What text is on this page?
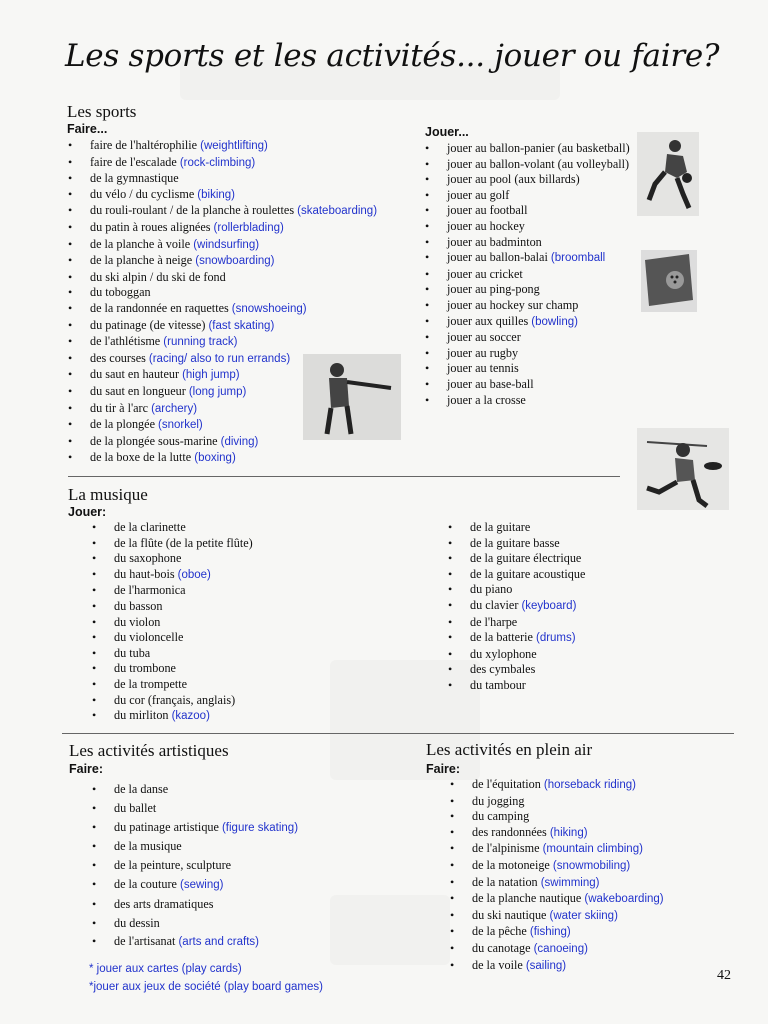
Les sports et les activités... jouer ou faire?
Les sports
Faire...
• faire de l'haltérophilie (weightlifting)
• faire de l'escalade (rock-climbing)
• de la gymnastique
• du vélo / du cyclisme (biking)
• du rouli-roulant / de la planche à roulettes (skateboarding)
• du patin à roues alignées (rollerblading)
• de la planche à voile (windsurfing)
• de la planche à neige (snowboarding)
• du ski alpin / du ski de fond
• du toboggan
• de la randonnée en raquettes (snowshoeing)
• du patinage (de vitesse) (fast skating)
• de l'athlétisme (running track)
• des courses (racing/ also to run errands)
• du saut en hauteur (high jump)
• du saut en longueur (long jump)
• du tir à l'arc (archery)
• de la plongée (snorkel)
• de la plongée sous-marine (diving)
• de la boxe de la lutte (boxing)
Jouer...
• jouer au ballon-panier (au basketball)
• jouer au ballon-volant (au volleyball)
• jouer au pool (aux billards)
• jouer au golf
• jouer au football
• jouer au hockey
• jouer au badminton
• jouer au ballon-balai (broomball
• jouer au cricket
• jouer au ping-pong
• jouer au hockey sur champ
• jouer aux quilles (bowling)
• jouer au soccer
• jouer au rugby
• jouer au tennis
• jouer au base-ball
• jouer a la crosse
La musique
Jouer:
• de la clarinette
• de la flûte (de la petite flûte)
• du saxophone
• du haut-bois (oboe)
• de l'harmonica
• du basson
• du violon
• du violoncelle
• du tuba
• du trombone
• de la trompette
• du cor (français, anglais)
• du mirliton (kazoo)
• de la guitare
• de la guitare basse
• de la guitare électrique
• de la guitare acoustique
• du piano
• du clavier (keyboard)
• de l'harpe
• de la batterie (drums)
• du xylophone
• des cymbales
• du tambour
Les activités artistiques
Faire:
• de la danse
• du ballet
• du patinage artistique (figure skating)
• de la musique
• de la peinture, sculpture
• de la couture (sewing)
• des arts dramatiques
• du dessin
• de l'artisanat (arts and crafts)
Les activités en plein air
Faire:
• de l'équitation (horseback riding)
• du jogging
• du camping
• des randonnées (hiking)
• de l'alpinisme (mountain climbing)
• de la motoneige (snowmobiling)
• de la natation (swimming)
• de la planche nautique (wakeboarding)
• du ski nautique (water skiing)
• de la pêche (fishing)
• du canotage (canoeing)
• de la voile (sailing)
* jouer aux cartes (play cards)
*jouer aux jeux de société (play board games)
42
